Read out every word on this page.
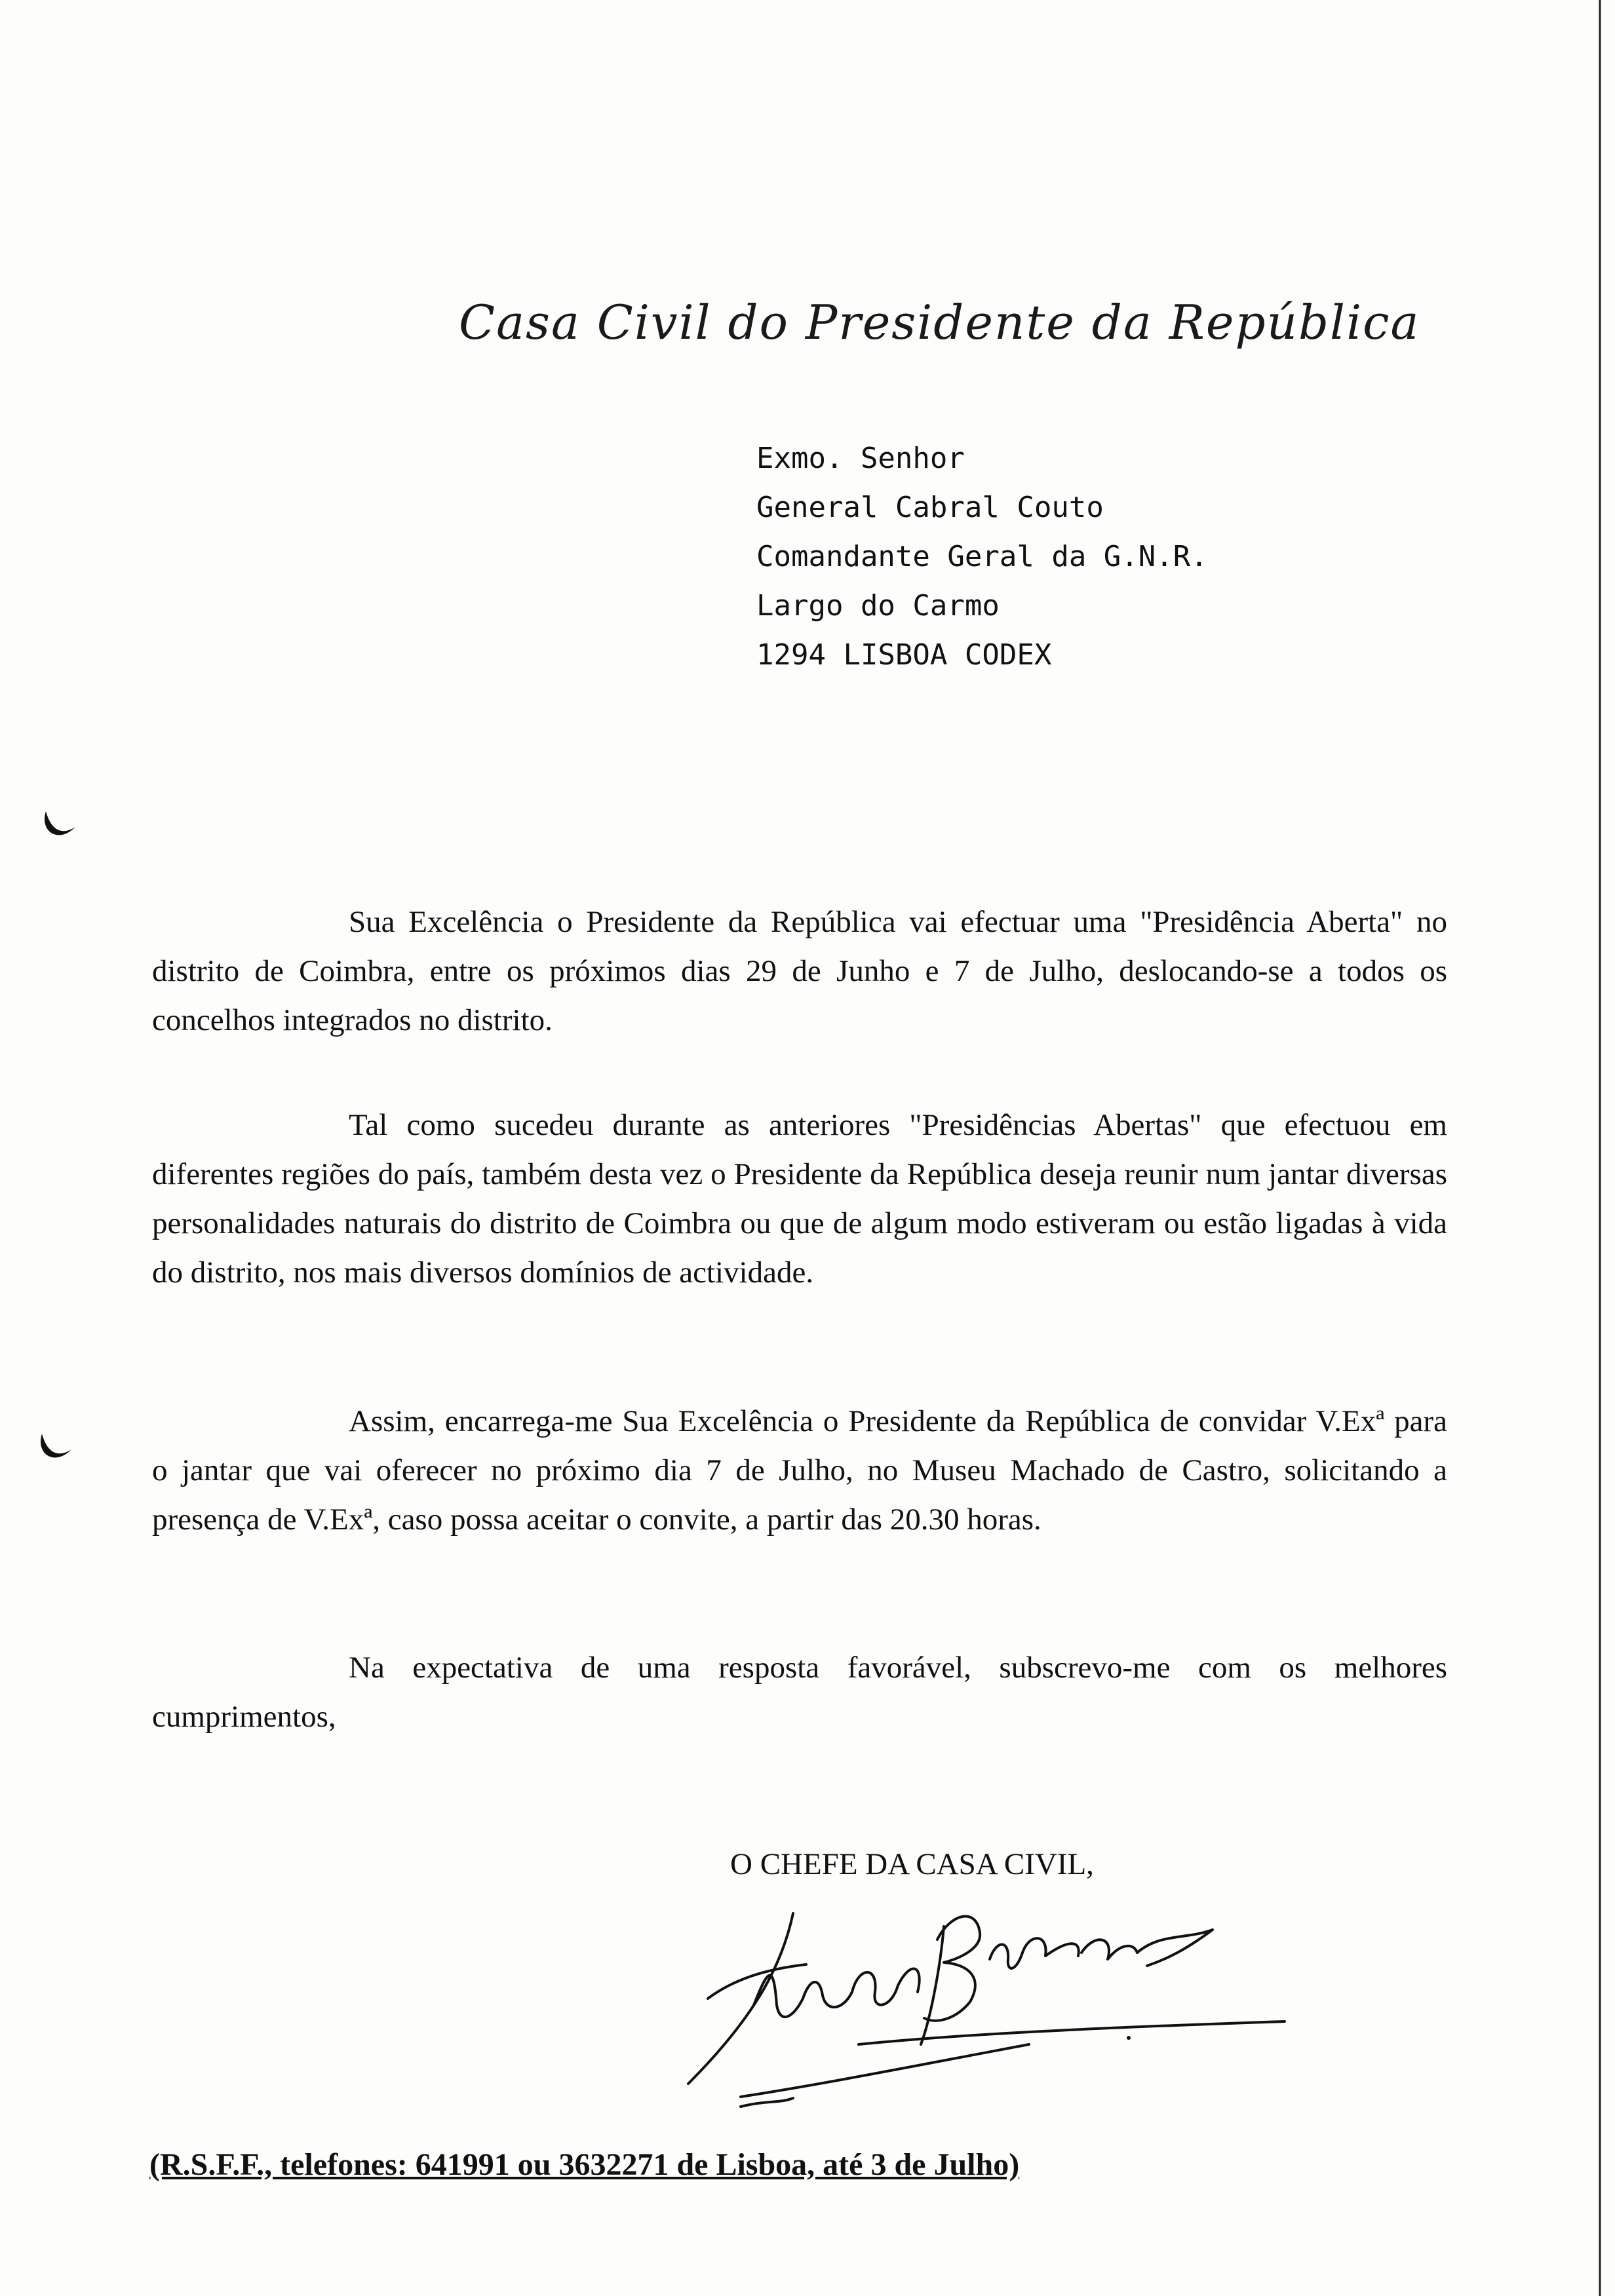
Casa Civil do Presidente da República
Exmo. Senhor
General Cabral Couto
Comandante Geral da G.N.R.
Largo do Carmo
1294 LISBOA CODEX

Sua Excelência o Presidente da República vai efectuar uma "Presidência Aberta" no distrito de Coimbra, entre os próximos dias 29 de Junho e 7 de Julho, deslocando-se a todos os concelhos integrados no distrito.

Tal como sucedeu durante as anteriores "Presidências Abertas" que efectuou em diferentes regiões do país, também desta vez o Presidente da República deseja reunir num jantar diversas personalidades naturais do distrito de Coimbra ou que de algum modo estiveram ou estão ligadas à vida do distrito, nos mais diversos domínios de actividade.

Assim, encarrega-me Sua Excelência o Presidente da República de convidar V.Exª para o jantar que vai oferecer no próximo dia 7 de Julho, no Museu Machado de Castro, solicitando a presença de V.Exª, caso possa aceitar o convite, a partir das 20.30 horas.

Na expectativa de uma resposta favorável, subscrevo-me com os melhores cumprimentos,

O CHEFE DA CASA CIVIL,
(R.S.F.F., telefones: 641991 ou 3632271 de Lisboa, até 3 de Julho)
